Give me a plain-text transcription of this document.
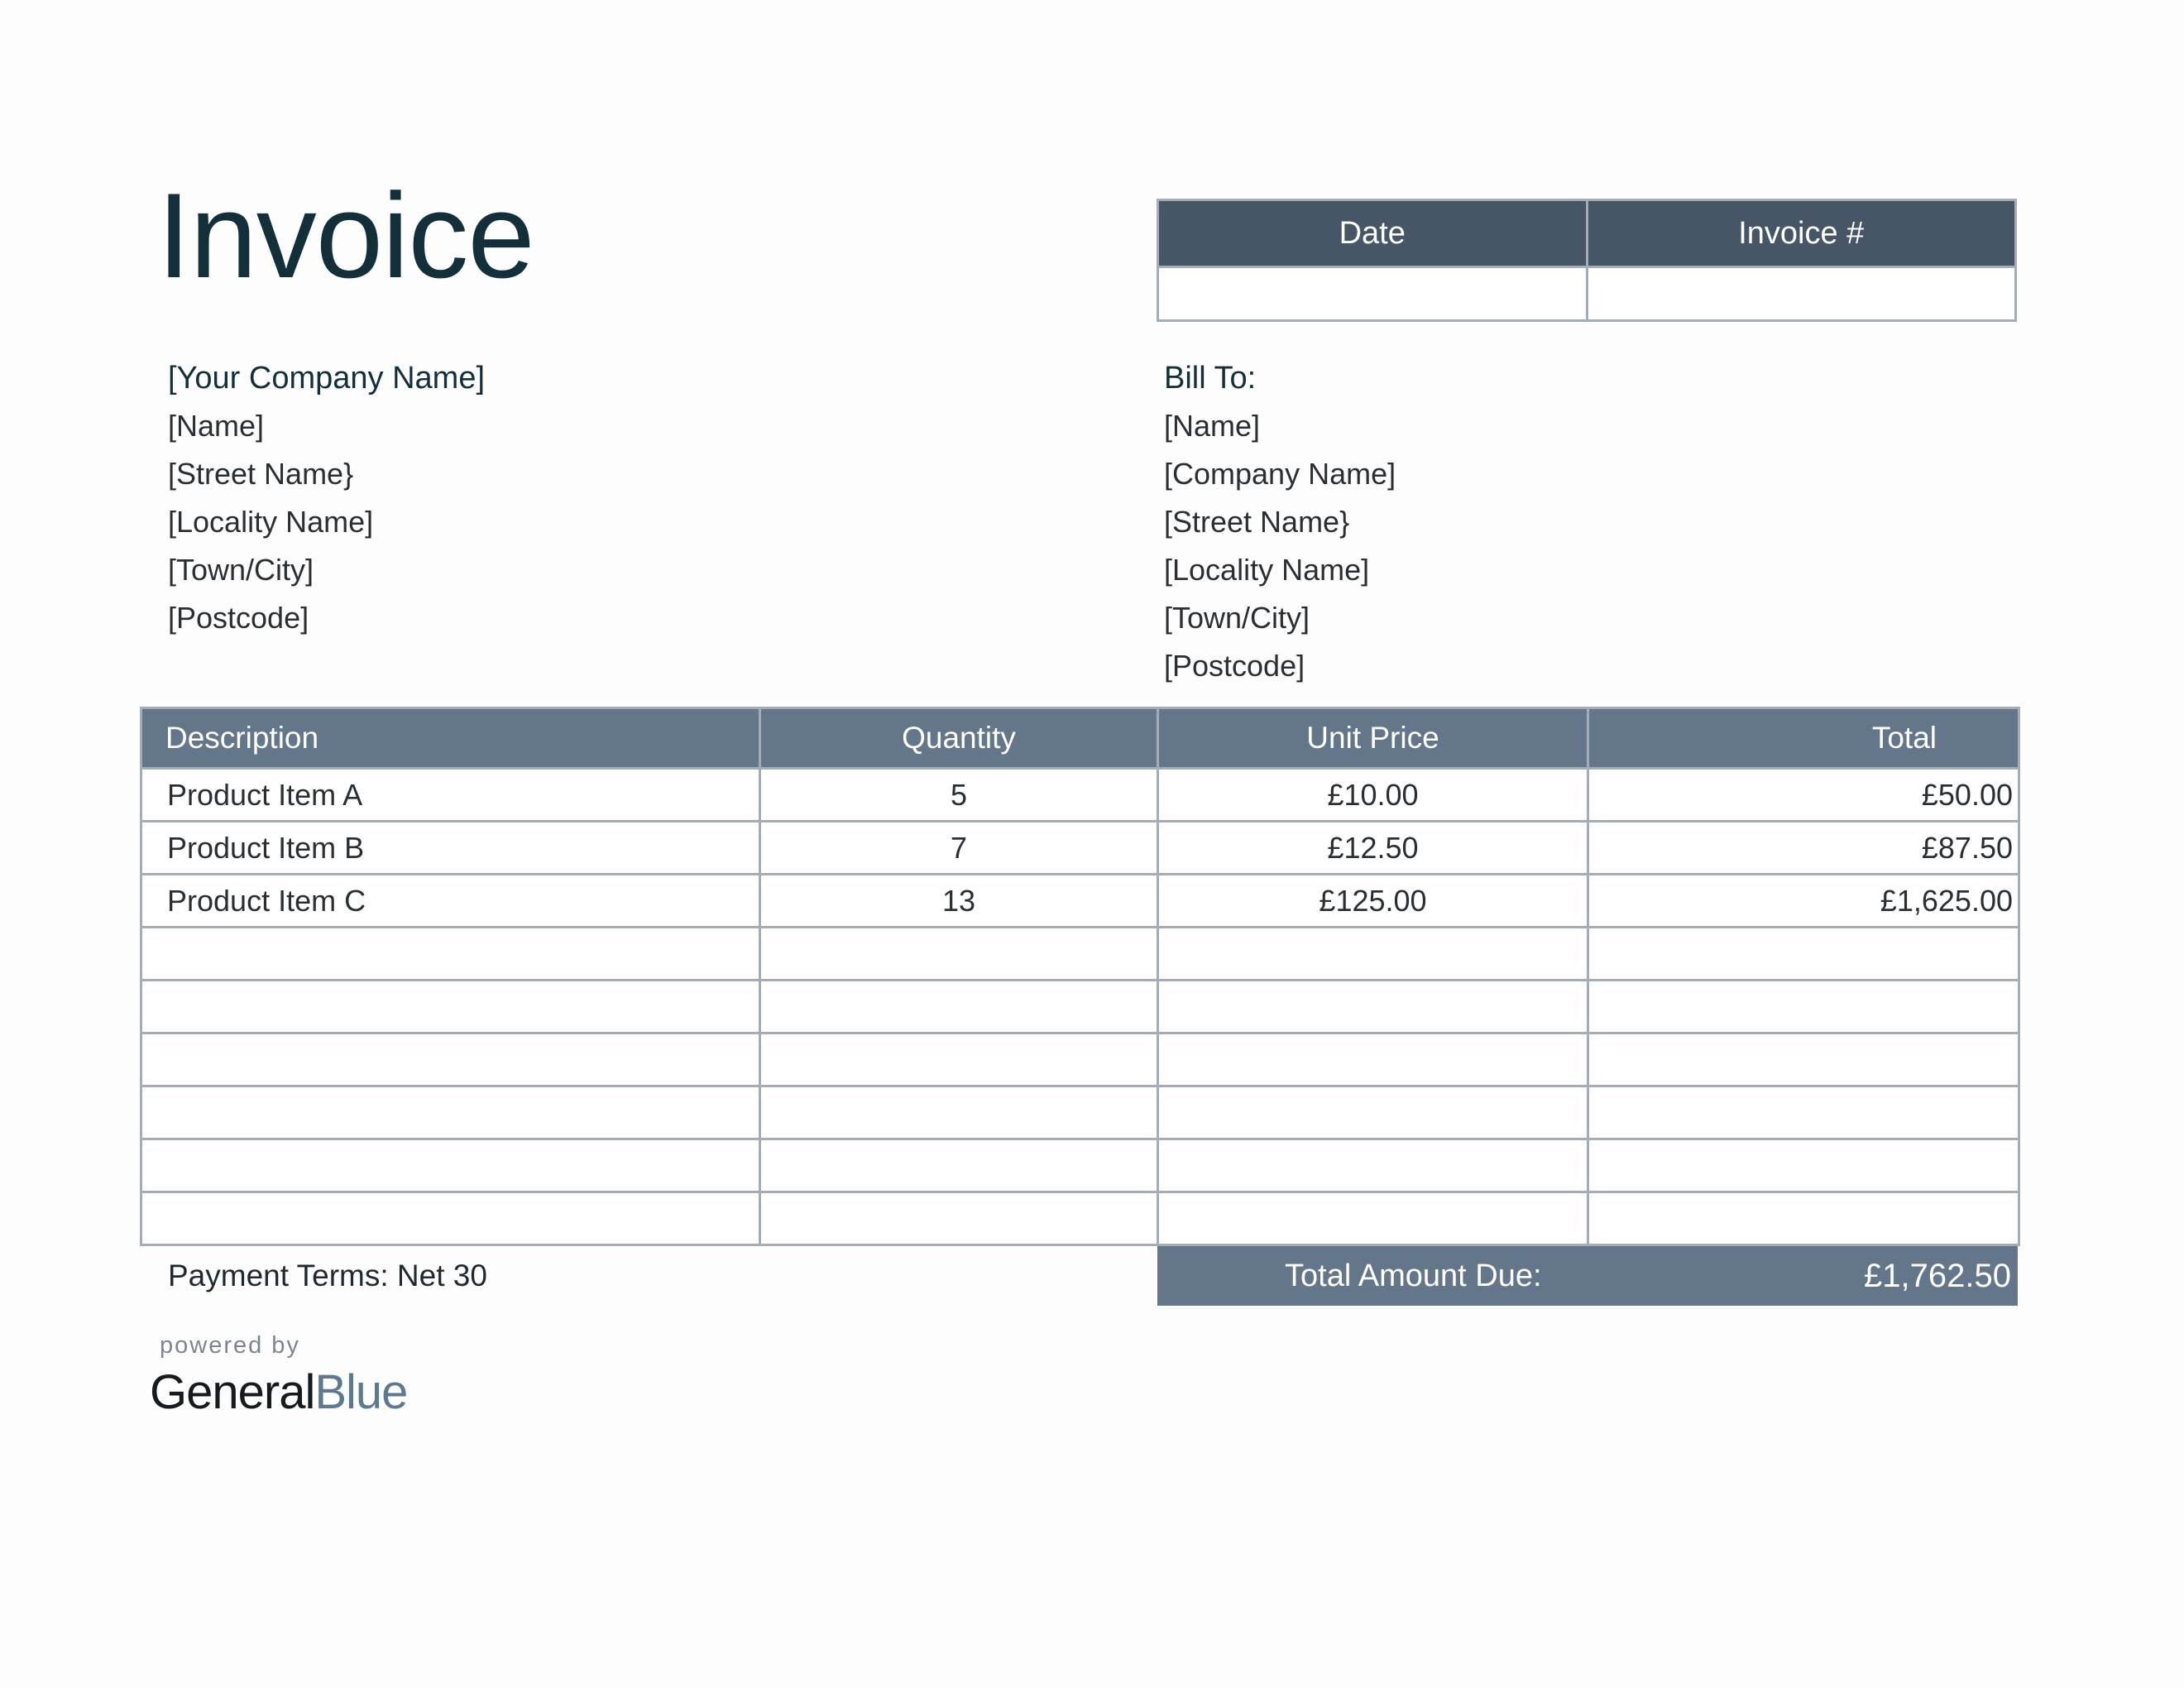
Invoice	Date	Invoice #

[Your Company Name]
[Name]
[Street Name}
[Locality Name]
[Town/City]
[Postcode]
Bill To:
[Name]
[Company Name]
[Street Name}
[Locality Name]
[Town/City]
[Postcode]
Description	Quantity	Unit Price	Total
Product Item A	5	£10.00	£50.00
Product Item B	7	£12.50	£87.50
Product Item C	13	£125.00	£1,625.00

Payment Terms: Net 30	Total Amount Due:	£1,762.50
powered by
GeneralBlue
